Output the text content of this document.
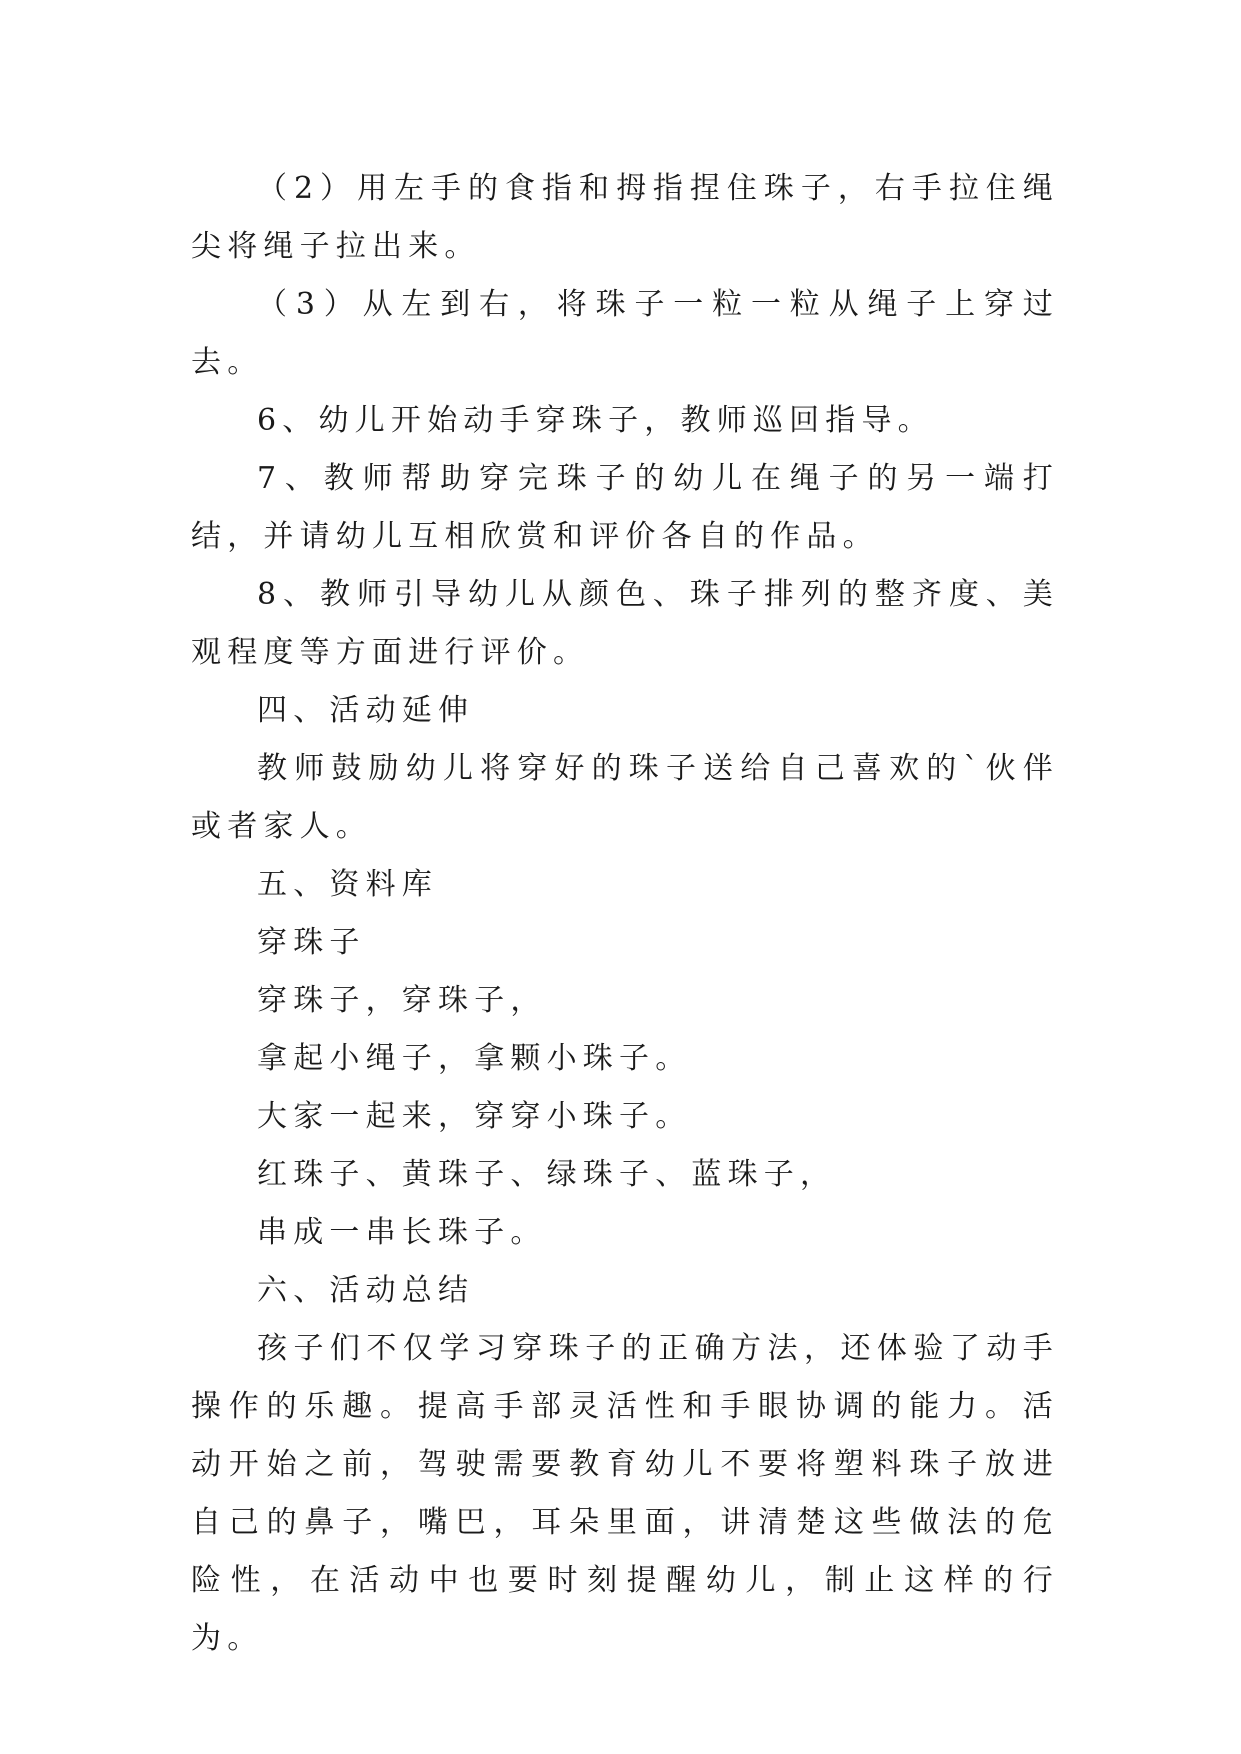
（2）用左手的食指和拇指捏住珠子，右手拉住绳尖将绳子拉出来。

（3）从左到右，将珠子一粒一粒从绳子上穿过去。

6、幼儿开始动手穿珠子，教师巡回指导。

7、教师帮助穿完珠子的幼儿在绳子的另一端打结，并请幼儿互相欣赏和评价各自的作品。

8、教师引导幼儿从颜色、珠子排列的整齐度、美观程度等方面进行评价。

四、活动延伸

教师鼓励幼儿将穿好的珠子送给自己喜欢的`伙伴或者家人。

五、资料库

穿珠子

穿珠子，穿珠子，

拿起小绳子，拿颗小珠子。

大家一起来，穿穿小珠子。

红珠子、黄珠子、绿珠子、蓝珠子，

串成一串长珠子。

六、活动总结

孩子们不仅学习穿珠子的正确方法，还体验了动手操作的乐趣。提高手部灵活性和手眼协调的能力。活动开始之前，驾驶需要教育幼儿不要将塑料珠子放进自己的鼻子，嘴巴，耳朵里面，讲清楚这些做法的危险性，在活动中也要时刻提醒幼儿，制止这样的行为。
